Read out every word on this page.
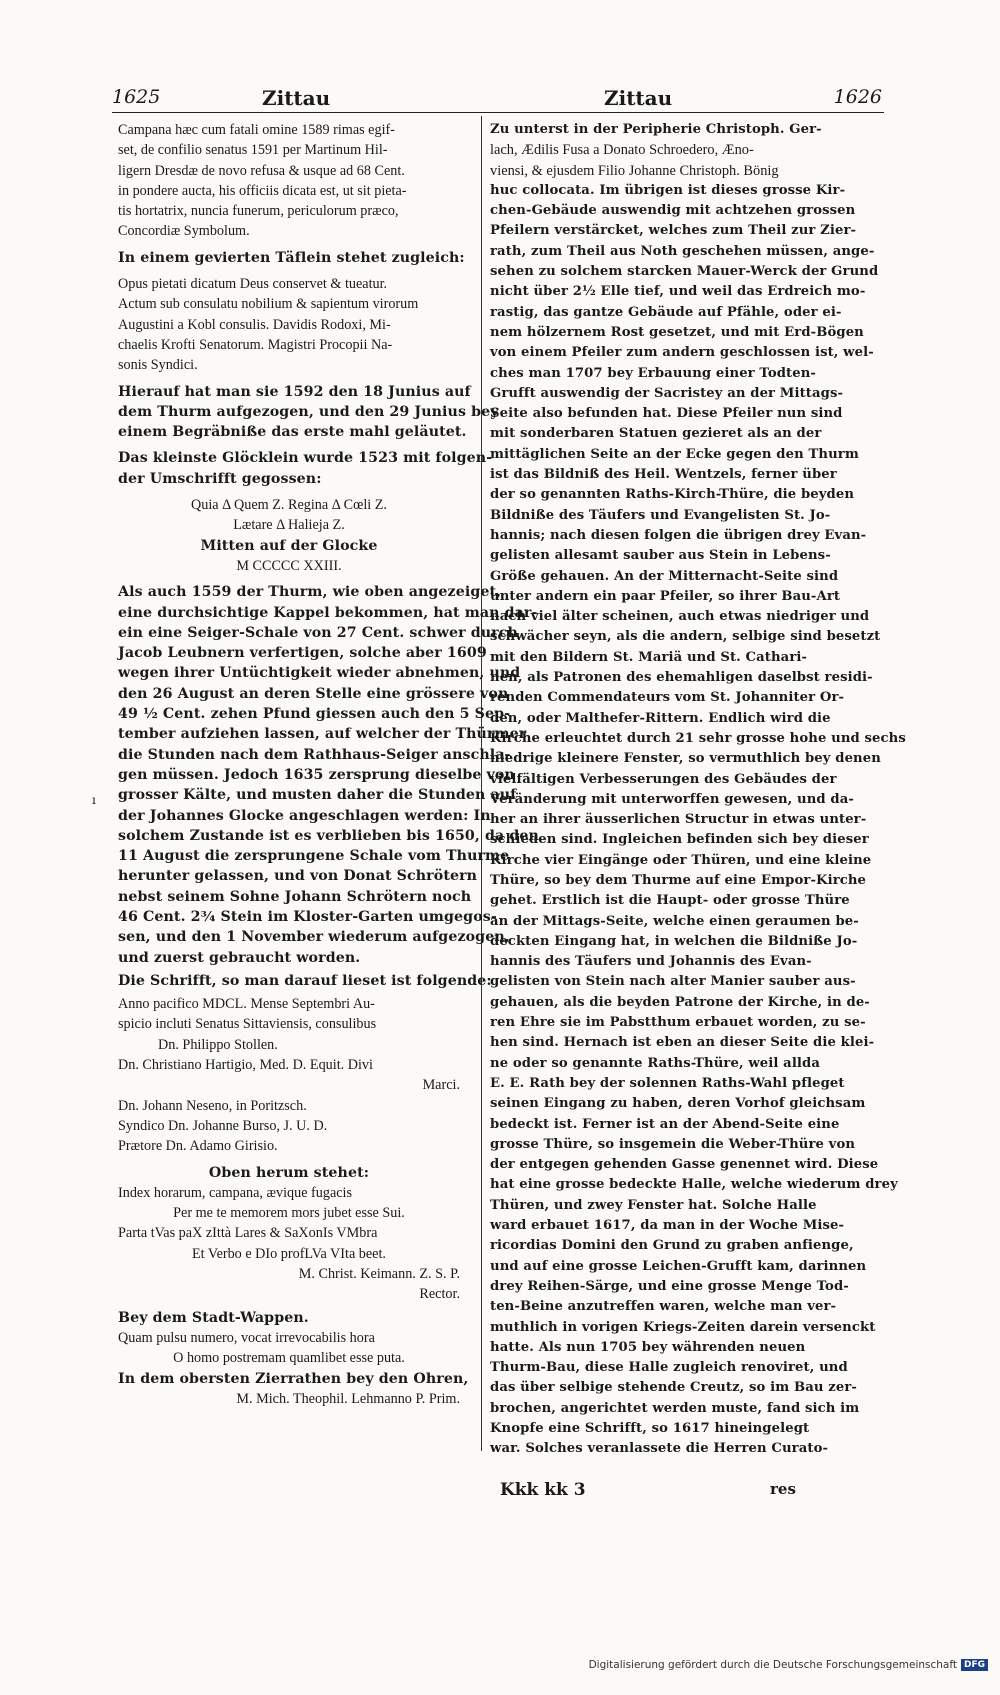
1625	Zittau	Zittau	1626
Campana hæc cum fatali omine 1589 rimas egif-
set, de confilio senatus 1591 per Martinum Hil-
ligern Dresdæ de novo refusa & usque ad 68 Cent.
in pondere aucta, his officiis dicata est, ut sit pieta-
tis hortatrix, nuncia funerum, periculorum præco,
Concordiæ Symbolum.
In einem gevierten Täflein stehet zugleich:
Opus pietati dicatum Deus conservet & tueatur.
Actum sub consulatu nobilium & sapientum virorum
Augustini a Kobl consulis. Davidis Rodoxi, Mi-
chaelis Krofti Senatorum. Magistri Procopii Na-
sonis Syndici.
Hierauf hat man sie 1592 den 18 Junius auf
dem Thurm aufgezogen, und den 29 Junius bey
einem Begräbniße das erste mahl geläutet.
Das kleinste Glöcklein wurde 1523 mit folgen-
der Umschrifft gegossen:
Quia Δ Quem Z. Regina Δ Cœli Z.
Lætare Δ Halieja Z.
Mitten auf der Glocke
M CCCCC XXIII.
Als auch 1559 der Thurm, wie oben angezeiget,
eine durchsichtige Kappel bekommen, hat man dar-
ein eine Seiger-Schale von 27 Cent. schwer durch
Jacob Leubnern verfertigen, solche aber 1609
wegen ihrer Untüchtigkeit wieder abnehmen, und
den 26 August an deren Stelle eine grössere von
49 ½ Cent. zehen Pfund giessen auch den 5 Sep-
tember aufziehen lassen, auf welcher der Thürmer
die Stunden nach dem Rathhaus-Seiger anschla-
gen müssen. Jedoch 1635 zersprung dieselbe von
grosser Kälte, und musten daher die Stunden auf
der Johannes Glocke angeschlagen werden: In
solchem Zustande ist es verblieben bis 1650, da den
11 August die zersprungene Schale vom Thurme
herunter gelassen, und von Donat Schrötern
nebst seinem Sohne Johann Schrötern noch
46 Cent. 2¾ Stein im Kloster-Garten umgegos-
sen, und den 1 November wiederum aufgezogen,
und zuerst gebraucht worden.
Die Schrifft, so man darauf lieset ist folgende:
Anno pacifico MDCL. Mense Septembri Au-
spicio incluti Senatus Sittaviensis, consulibus
Dn. Philippo Stollen.
Dn. Christiano Hartigio, Med. D. Equit. Divi
Marci.
Dn. Johann Neseno, in Poritzsch.
Syndico Dn. Johanne Burso, J. U. D.
Prætore Dn. Adamo Girisio.
Oben herum stehet:
Index horarum, campana, ævique fugacis
Per me te memorem mors jubet esse Sui.
Parta tVas paX zIttà Lares & SaXonIs VMbra
Et Verbo e DIo profLVa VIta beet.
M. Christ. Keimann. Z. S. P.
Rector.
Bey dem Stadt-Wappen.
Quam pulsu numero, vocat irrevocabilis hora
O homo postremam quamlibet esse puta.
In dem obersten Zierrathen bey den Ohren,
M. Mich. Theophil. Lehmanno P. Prim.
Zu unterst in der Peripherie Christoph. Ger-
lach, Ædilis Fusa a Donato Schroedero, Æno-
viensi, & ejusdem Filio Johanne Christoph. Bönig
huc collocata. Im übrigen ist dieses grosse Kir-
chen-Gebäude auswendig mit achtzehen grossen
Pfeilern verstärcket, welches zum Theil zur Zier-
rath, zum Theil aus Noth geschehen müssen, ange-
sehen zu solchem starcken Mauer-Werck der Grund
nicht über 2½ Elle tief, und weil das Erdreich mo-
rastig, das gantze Gebäude auf Pfähle, oder ei-
nem hölzernem Rost gesetzet, und mit Erd-Bögen
von einem Pfeiler zum andern geschlossen ist, wel-
ches man 1707 bey Erbauung einer Todten-
Grufft auswendig der Sacristey an der Mittags-
Seite also befunden hat. Diese Pfeiler nun sind
mit sonderbaren Statuen gezieret als an der
mittäglichen Seite an der Ecke gegen den Thurm
ist das Bildniß des Heil. Wentzels, ferner über
der so genannten Raths-Kirch-Thüre, die beyden
Bildniße des Täufers und Evangelisten St. Jo-
hannis; nach diesen folgen die übrigen drey Evan-
gelisten allesamt sauber aus Stein in Lebens-
Größe gehauen. An der Mitternacht-Seite sind
unter andern ein paar Pfeiler, so ihrer Bau-Art
nach viel älter scheinen, auch etwas niedriger und
schwächer seyn, als die andern, selbige sind besetzt
mit den Bildern St. Mariä und St. Cathari-
nen, als Patronen des ehemahligen daselbst residi-
renden Commendateurs vom St. Johanniter Or-
den, oder Malthefer-Rittern. Endlich wird die
Kirche erleuchtet durch 21 sehr grosse hohe und sechs
niedrige kleinere Fenster, so vermuthlich bey denen
vielfältigen Verbesserungen des Gebäudes der
Veränderung mit unterworffen gewesen, und da-
her an ihrer äusserlichen Structur in etwas unter-
schieden sind. Ingleichen befinden sich bey dieser
Kirche vier Eingänge oder Thüren, und eine kleine
Thüre, so bey dem Thurme auf eine Empor-Kirche
gehet. Erstlich ist die Haupt- oder grosse Thüre
an der Mittags-Seite, welche einen geraumen be-
deckten Eingang hat, in welchen die Bildniße Jo-
hannis des Täufers und Johannis des Evan-
gelisten von Stein nach alter Manier sauber aus-
gehauen, als die beyden Patrone der Kirche, in de-
ren Ehre sie im Pabstthum erbauet worden, zu se-
hen sind. Hernach ist eben an dieser Seite die klei-
ne oder so genannte Raths-Thüre, weil allda
E. E. Rath bey der solennen Raths-Wahl pfleget
seinen Eingang zu haben, deren Vorhof gleichsam
bedeckt ist. Ferner ist an der Abend-Seite eine
grosse Thüre, so insgemein die Weber-Thüre von
der entgegen gehenden Gasse genennet wird. Diese
hat eine grosse bedeckte Halle, welche wiederum drey
Thüren, und zwey Fenster hat. Solche Halle
ward erbauet 1617, da man in der Woche Mise-
ricordias Domini den Grund zu graben anfienge,
und auf eine grosse Leichen-Grufft kam, darinnen
drey Reihen-Särge, und eine grosse Menge Tod-
ten-Beine anzutreffen waren, welche man ver-
muthlich in vorigen Kriegs-Zeiten darein versenckt
hatte. Als nun 1705 bey währenden neuen
Thurm-Bau, diese Halle zugleich renoviret, und
das über selbige stehende Creutz, so im Bau zer-
brochen, angerichtet werden muste, fand sich im
Knopfe eine Schrifft, so 1617 hineingelegt
war. Solches veranlassete die Herren Curato-
ı
Kkk kk 3	res
Digitalisierung gefördert durch die Deutsche Forschungsgemeinschaft DFG
